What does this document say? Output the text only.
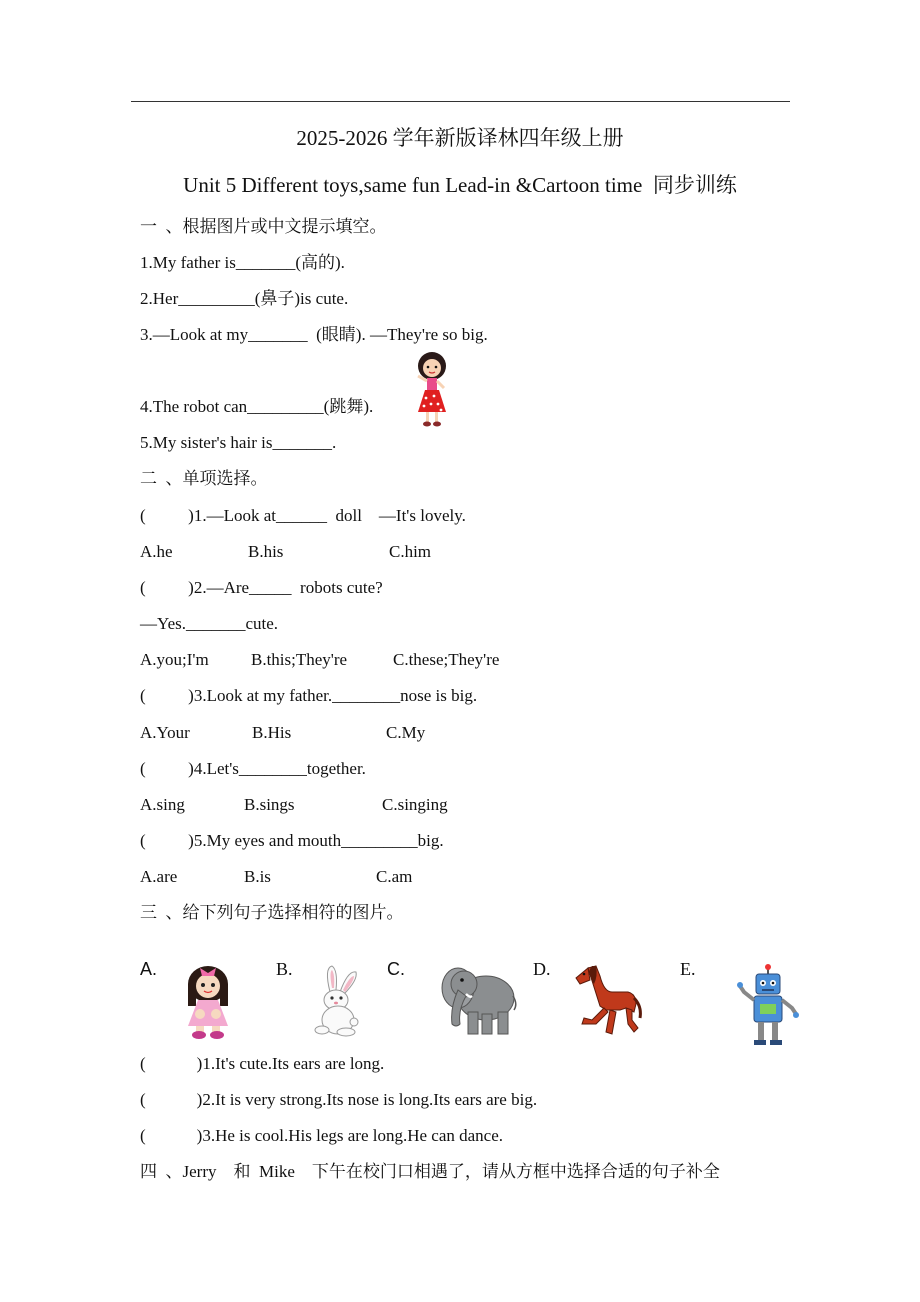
2025-2026 学年新版译林四年级上册
Unit 5 Different toys,same fun Lead-in &Cartoon time  同步训练
一  、根据图片或中文提示填空。
1.My father is_______(高的).
2.Her_________(鼻子)is cute.
3.—Look at my_______  (眼睛). —They're so big.
4.The robot can_________(跳舞).
5.My sister's hair is_______.
二  、单项选择。
(          )1.—Look at______  doll    —It's lovely.
A.he	B.his	C.him
(          )2.—Are_____  robots cute?
—Yes._______cute.
A.you;I'm B.this;They're	C.these;They're
(          )3.Look at my father.________nose is big.
A.Your	B.His	C.My
(          )4.Let's________together.
A.sing	B.sings	C.singing
(          )5.My eyes and mouth_________big.
A.are	B.is	C.am
三  、给下列句子选择相符的图片。
A.	B.	C.	D.	E.
(            )1.It's cute.Its ears are long.
(            )2.It is very strong.Its nose is long.Its ears are big.
(            )3.He is cool.His legs are long.He can dance.
四  、Jerry    和  Mike    下午在校门口相遇了，请从方框中选择合适的句子补全
